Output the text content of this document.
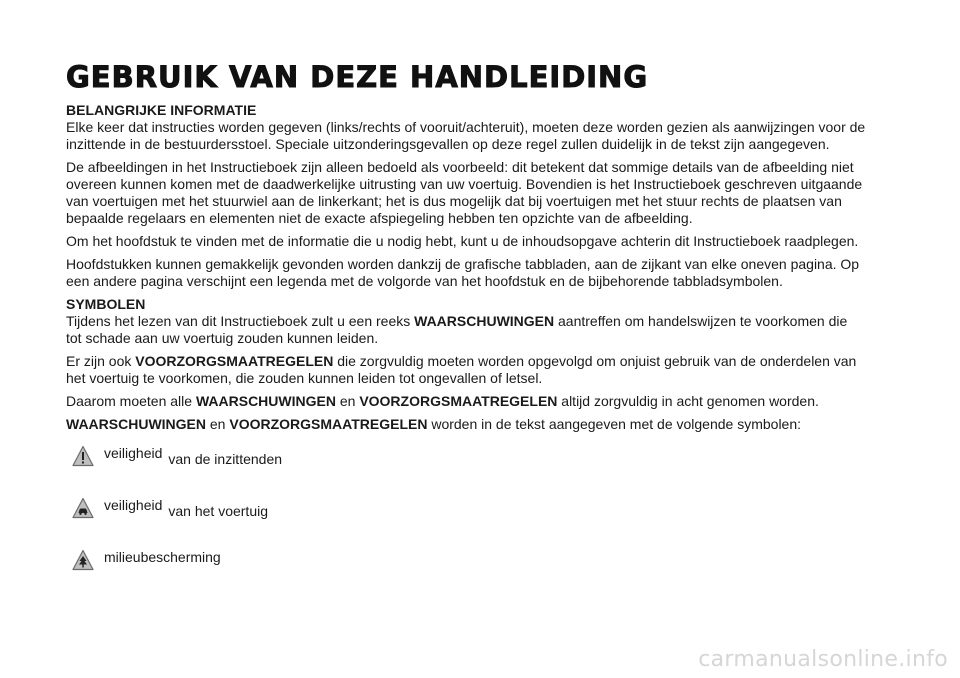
GEBRUIK VAN DEZE HANDLEIDING
BELANGRIJKE INFORMATIE

Elke keer dat instructies worden gegeven (links/rechts of vooruit/achteruit), moeten deze worden gezien als aanwijzingen voor de inzittende in de bestuurdersstoel. Speciale uitzonderingsgevallen op deze regel zullen duidelijk in de tekst zijn aangegeven.

De afbeeldingen in het Instructieboek zijn alleen bedoeld als voorbeeld: dit betekent dat sommige details van de afbeelding niet overeen kunnen komen met de daadwerkelijke uitrusting van uw voertuig. Bovendien is het Instructieboek geschreven uitgaande van voertuigen met het stuurwiel aan de linkerkant; het is dus mogelijk dat bij voertuigen met het stuur rechts de plaatsen van bepaalde regelaars en elementen niet de exacte afspiegeling hebben ten opzichte van de afbeelding.

Om het hoofdstuk te vinden met de informatie die u nodig hebt, kunt u de inhoudsopgave achterin dit Instructieboek raadplegen.

Hoofdstukken kunnen gemakkelijk gevonden worden dankzij de grafische tabbladen, aan de zijkant van elke oneven pagina. Op een andere pagina verschijnt een legenda met de volgorde van het hoofdstuk en de bijbehorende tabbladsymbolen.

SYMBOLEN

Tijdens het lezen van dit Instructieboek zult u een reeks WAARSCHUWINGEN aantreffen om handelswijzen te voorkomen die tot schade aan uw voertuig zouden kunnen leiden.

Er zijn ook VOORZORGSMAATREGELEN die zorgvuldig moeten worden opgevolgd om onjuist gebruik van de onderdelen van het voertuig te voorkomen, die zouden kunnen leiden tot ongevallen of letsel.

Daarom moeten alle WAARSCHUWINGEN en VOORZORGSMAATREGELEN altijd zorgvuldig in acht genomen worden.

WAARSCHUWINGEN en VOORZORGSMAATREGELEN worden in de tekst aangegeven met de volgende symbolen:

veiligheid van de inzittenden
veiligheid van het voertuig
milieubescherming
carmanualsonline.info
